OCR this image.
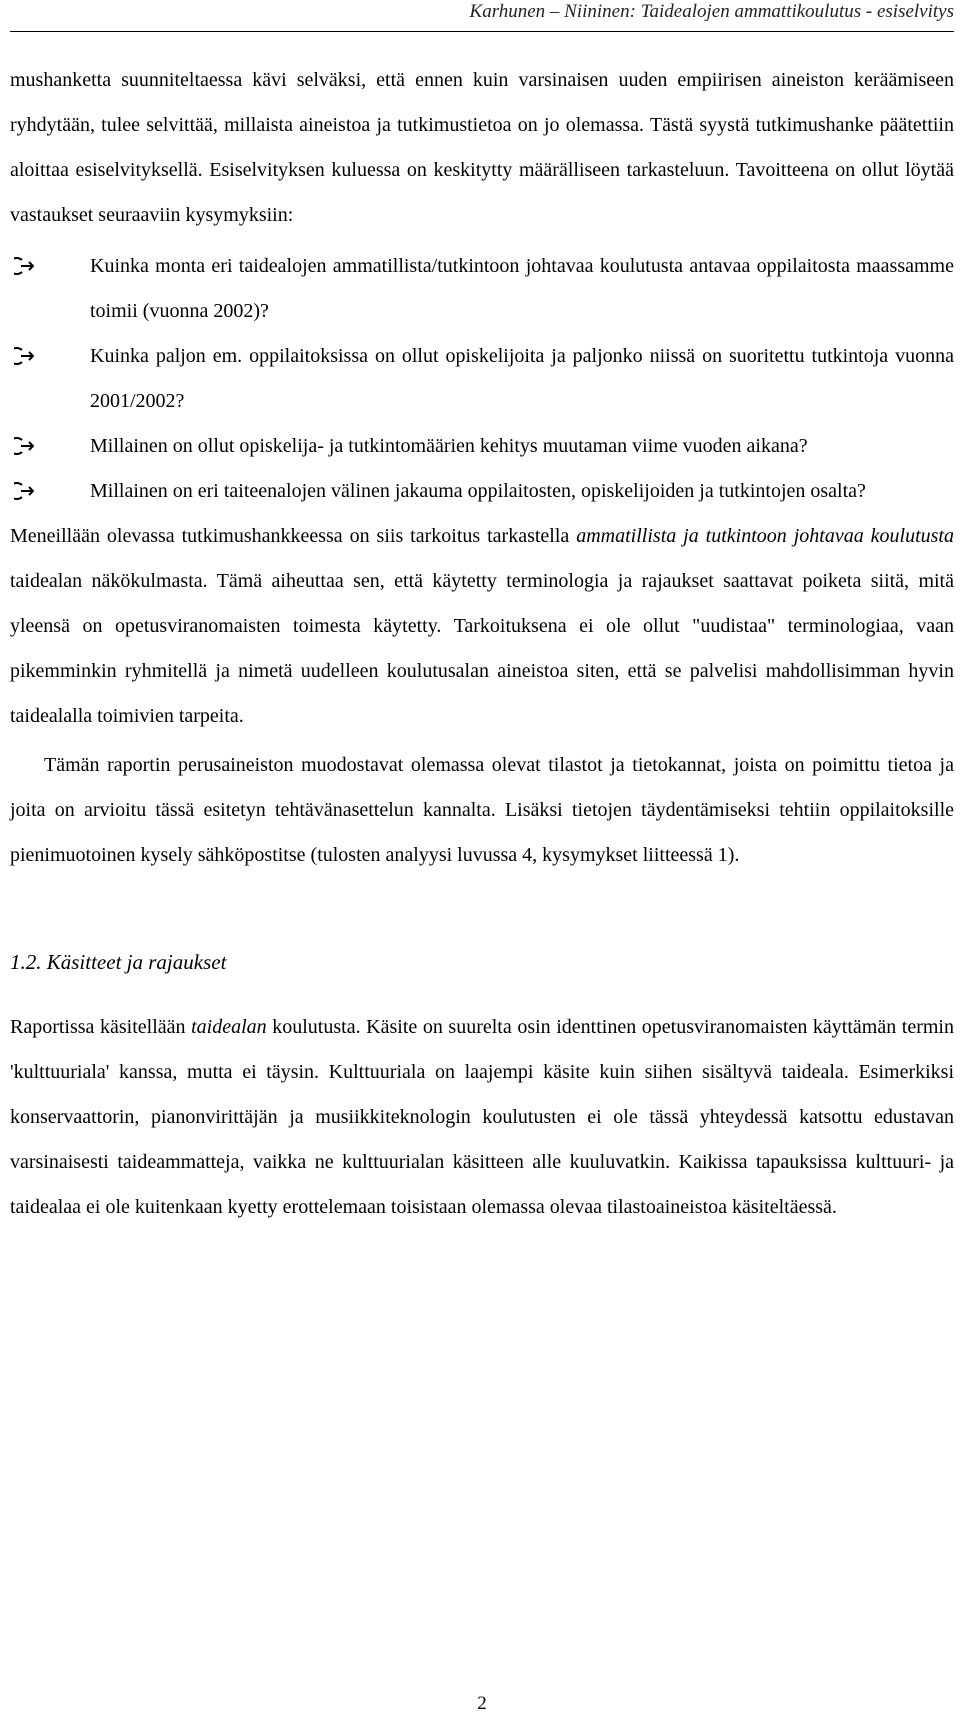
Karhunen – Niininen: Taidealojen ammattikoulutus - esiselvitys

mushanketta suunniteltaessa kävi selväksi, että ennen kuin varsinaisen uuden empiirisen aineiston keräämiseen ryhdytään, tulee selvittää, millaista aineistoa ja tutkimustietoa on jo olemassa. Tästä syystä tutkimushanke päätettiin aloittaa esiselvityksellä. Esiselvityksen kuluessa on keskitytty määrälliseen tarkasteluun. Tavoitteena on ollut löytää vastaukset seuraaviin kysymyksiin:

Kuinka monta eri taidealojen ammatillista/tutkintoon johtavaa koulutusta antavaa oppilaitosta maassamme toimii (vuonna 2002)?
Kuinka paljon em. oppilaitoksissa on ollut opiskelijoita ja paljonko niissä on suoritettu tutkintoja vuonna 2001/2002?
Millainen on ollut opiskelija- ja tutkintomäärien kehitys muutaman viime vuoden aikana?
Millainen on eri taiteenalojen välinen jakauma oppilaitosten, opiskelijoiden ja tutkintojen osalta?

Meneillään olevassa tutkimushankkeessa on siis tarkoitus tarkastella ammatillista ja tutkintoon johtavaa koulutusta taidealan näkökulmasta. Tämä aiheuttaa sen, että käytetty terminologia ja rajaukset saattavat poiketa siitä, mitä yleensä on opetusviranomaisten toimesta käytetty. Tarkoituksena ei ole ollut "uudistaa" terminologiaa, vaan pikemminkin ryhmitellä ja nimetä uudelleen koulutusalan aineistoa siten, että se palvelisi mahdollisimman hyvin taidealalla toimivien tarpeita.

Tämän raportin perusaineiston muodostavat olemassa olevat tilastot ja tietokannat, joista on poimittu tietoa ja joita on arvioitu tässä esitetyn tehtävänasettelun kannalta. Lisäksi tietojen täydentämiseksi tehtiin oppilaitoksille pienimuotoinen kysely sähköpostitse (tulosten analyysi luvussa 4, kysymykset liitteessä 1).

1.2. Käsitteet ja rajaukset

Raportissa käsitellään taidealan koulutusta. Käsite on suurelta osin identtinen opetusviranomaisten käyttämän termin 'kulttuuriala' kanssa, mutta ei täysin. Kulttuuriala on laajempi käsite kuin siihen sisältyvä taideala. Esimerkiksi konservaattorin, pianonvirittäjän ja musiikkiteknologin koulutusten ei ole tässä yhteydessä katsottu edustavan varsinaisesti taideammatteja, vaikka ne kulttuurialan käsitteen alle kuuluvatkin. Kaikissa tapauksissa kulttuuri- ja taidealaa ei ole kuitenkaan kyetty erottelemaan toisistaan olemassa olevaa tilastoaineistoa käsiteltäessä.

2
